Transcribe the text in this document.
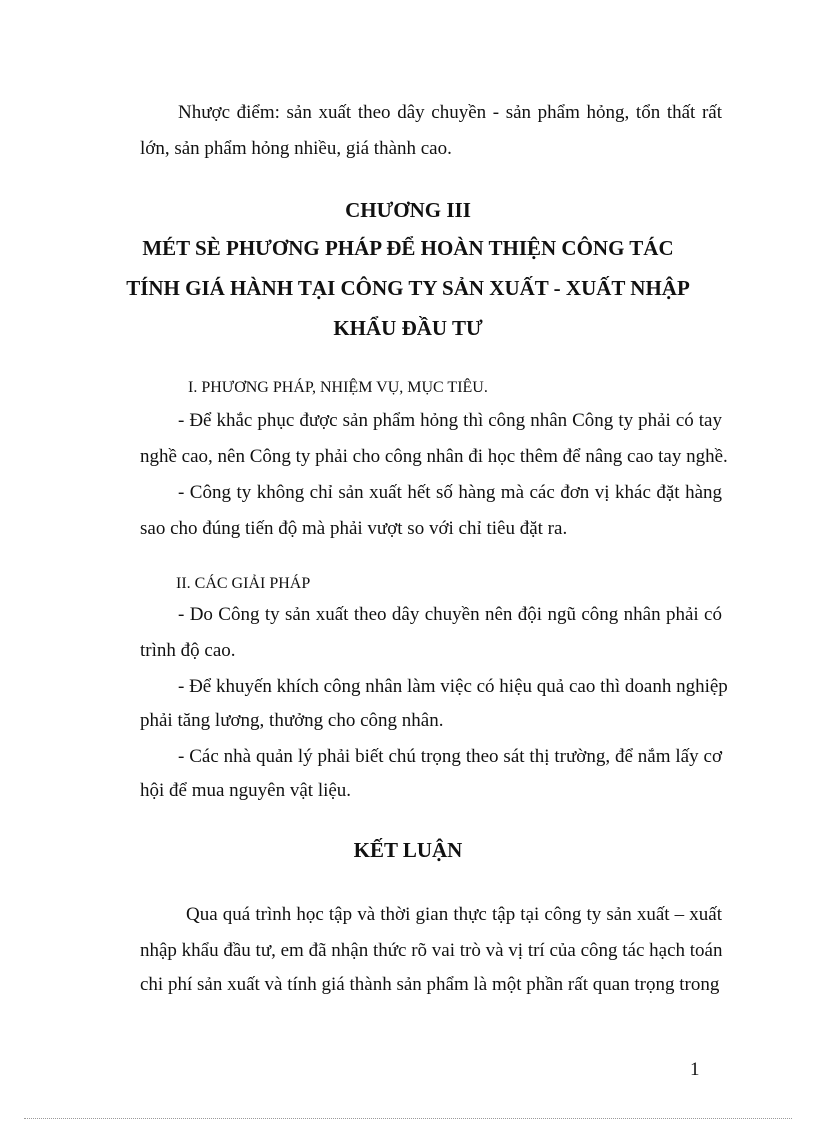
Nhược điểm: sản xuất theo dây chuyền - sản phẩm hỏng, tổn thất rất
lớn, sản phẩm hỏng nhiều, giá thành cao.
CHƯƠNG III
MÉT SÈ PHƯƠNG PHÁP ĐỂ HOÀN THIỆN CÔNG TÁC
TÍNH GIÁ HÀNH TẠI CÔNG TY SẢN XUẤT - XUẤT NHẬP
KHẨU ĐẦU TƯ
I. PHƯƠNG PHÁP, NHIỆM VỤ, MỤC TIÊU.
- Để khắc phục được sản phẩm hỏng thì công nhân Công ty phải có tay
nghề cao, nên Công ty phải cho công nhân đi học thêm để nâng cao tay nghề.
- Công ty không chỉ sản xuất hết số hàng mà các đơn vị khác đặt hàng
sao cho đúng tiến độ mà phải vượt so với chỉ tiêu đặt ra.
II. CÁC GIẢI PHÁP
- Do Công ty sản xuất theo dây chuyền nên đội ngũ công nhân phải có
trình độ cao.
- Để khuyến khích công nhân làm việc có hiệu quả cao thì doanh nghiệp
phải tăng lương, thưởng cho công nhân.
- Các nhà quản lý phải biết chú trọng theo sát thị trường, để nắm lấy cơ
hội để mua nguyên vật liệu.
KẾT LUẬN
Qua quá trình học tập và thời gian thực tập tại công ty sản xuất – xuất
nhập khẩu đầu tư, em đã nhận thức rõ vai trò và vị trí của công tác hạch toán
chi phí sản xuất và tính giá thành sản phẩm là một phần rất quan trọng trong
1
